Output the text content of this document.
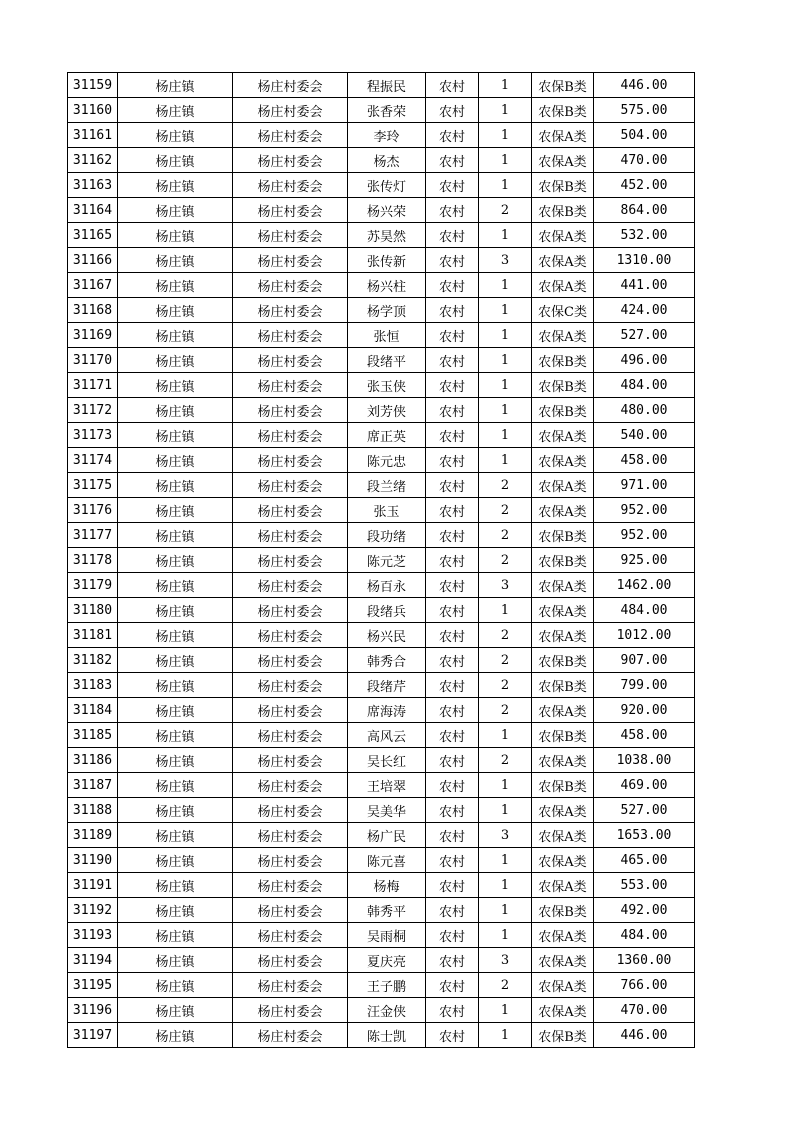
31159	杨庄镇	杨庄村委会	程振民	农村	1	农保B类	446.00
31160	杨庄镇	杨庄村委会	张香荣	农村	1	农保B类	575.00
31161	杨庄镇	杨庄村委会	李玲	农村	1	农保A类	504.00
31162	杨庄镇	杨庄村委会	杨杰	农村	1	农保A类	470.00
31163	杨庄镇	杨庄村委会	张传灯	农村	1	农保B类	452.00
31164	杨庄镇	杨庄村委会	杨兴荣	农村	2	农保B类	864.00
31165	杨庄镇	杨庄村委会	苏昊然	农村	1	农保A类	532.00
31166	杨庄镇	杨庄村委会	张传新	农村	3	农保A类	1310.00
31167	杨庄镇	杨庄村委会	杨兴柱	农村	1	农保A类	441.00
31168	杨庄镇	杨庄村委会	杨学顶	农村	1	农保C类	424.00
31169	杨庄镇	杨庄村委会	张恒	农村	1	农保A类	527.00
31170	杨庄镇	杨庄村委会	段绪平	农村	1	农保B类	496.00
31171	杨庄镇	杨庄村委会	张玉侠	农村	1	农保B类	484.00
31172	杨庄镇	杨庄村委会	刘芳侠	农村	1	农保B类	480.00
31173	杨庄镇	杨庄村委会	席正英	农村	1	农保A类	540.00
31174	杨庄镇	杨庄村委会	陈元忠	农村	1	农保A类	458.00
31175	杨庄镇	杨庄村委会	段兰绪	农村	2	农保A类	971.00
31176	杨庄镇	杨庄村委会	张玉	农村	2	农保A类	952.00
31177	杨庄镇	杨庄村委会	段功绪	农村	2	农保B类	952.00
31178	杨庄镇	杨庄村委会	陈元芝	农村	2	农保B类	925.00
31179	杨庄镇	杨庄村委会	杨百永	农村	3	农保A类	1462.00
31180	杨庄镇	杨庄村委会	段绪兵	农村	1	农保A类	484.00
31181	杨庄镇	杨庄村委会	杨兴民	农村	2	农保A类	1012.00
31182	杨庄镇	杨庄村委会	韩秀合	农村	2	农保B类	907.00
31183	杨庄镇	杨庄村委会	段绪芹	农村	2	农保B类	799.00
31184	杨庄镇	杨庄村委会	席海涛	农村	2	农保A类	920.00
31185	杨庄镇	杨庄村委会	高风云	农村	1	农保B类	458.00
31186	杨庄镇	杨庄村委会	吴长红	农村	2	农保A类	1038.00
31187	杨庄镇	杨庄村委会	王培翠	农村	1	农保B类	469.00
31188	杨庄镇	杨庄村委会	吴美华	农村	1	农保A类	527.00
31189	杨庄镇	杨庄村委会	杨广民	农村	3	农保A类	1653.00
31190	杨庄镇	杨庄村委会	陈元喜	农村	1	农保A类	465.00
31191	杨庄镇	杨庄村委会	杨梅	农村	1	农保A类	553.00
31192	杨庄镇	杨庄村委会	韩秀平	农村	1	农保B类	492.00
31193	杨庄镇	杨庄村委会	吴雨桐	农村	1	农保A类	484.00
31194	杨庄镇	杨庄村委会	夏庆亮	农村	3	农保A类	1360.00
31195	杨庄镇	杨庄村委会	王子鹏	农村	2	农保A类	766.00
31196	杨庄镇	杨庄村委会	汪金侠	农村	1	农保A类	470.00
31197	杨庄镇	杨庄村委会	陈士凯	农村	1	农保B类	446.00
